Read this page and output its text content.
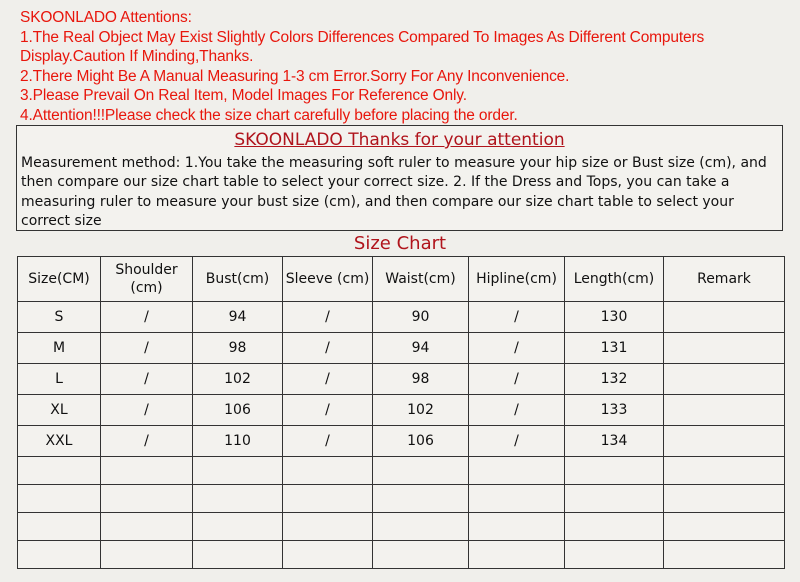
SKOONLADO Attentions:
1.The Real Object May Exist Slightly Colors Differences Compared To Images As Different Computers Display.Caution If Minding,Thanks.
2.There Might Be A Manual Measuring 1-3 cm Error.Sorry For Any Inconvenience.
3.Please Prevail On Real Item, Model Images For Reference Only.
4.Attention!!!Please check the size chart carefully before placing the order.
SKOONLADO Thanks for your attention
Measurement method: 1.You take the measuring soft ruler to measure your hip size or Bust size (cm), and then compare our size chart table to select your correct size. 2. If the Dress and Tops, you can take a measuring ruler to measure your bust size (cm), and then compare our size chart table to select your correct size
Size Chart
Size(CM)	Shoulder (cm)	Bust(cm)	Sleeve (cm)	Waist(cm)	Hipline(cm)	Length(cm)	Remark
S	/	94	/	90	/	130	
M	/	98	/	94	/	131	
L	/	102	/	98	/	132	
XL	/	106	/	102	/	133	
XXL	/	110	/	106	/	134	
